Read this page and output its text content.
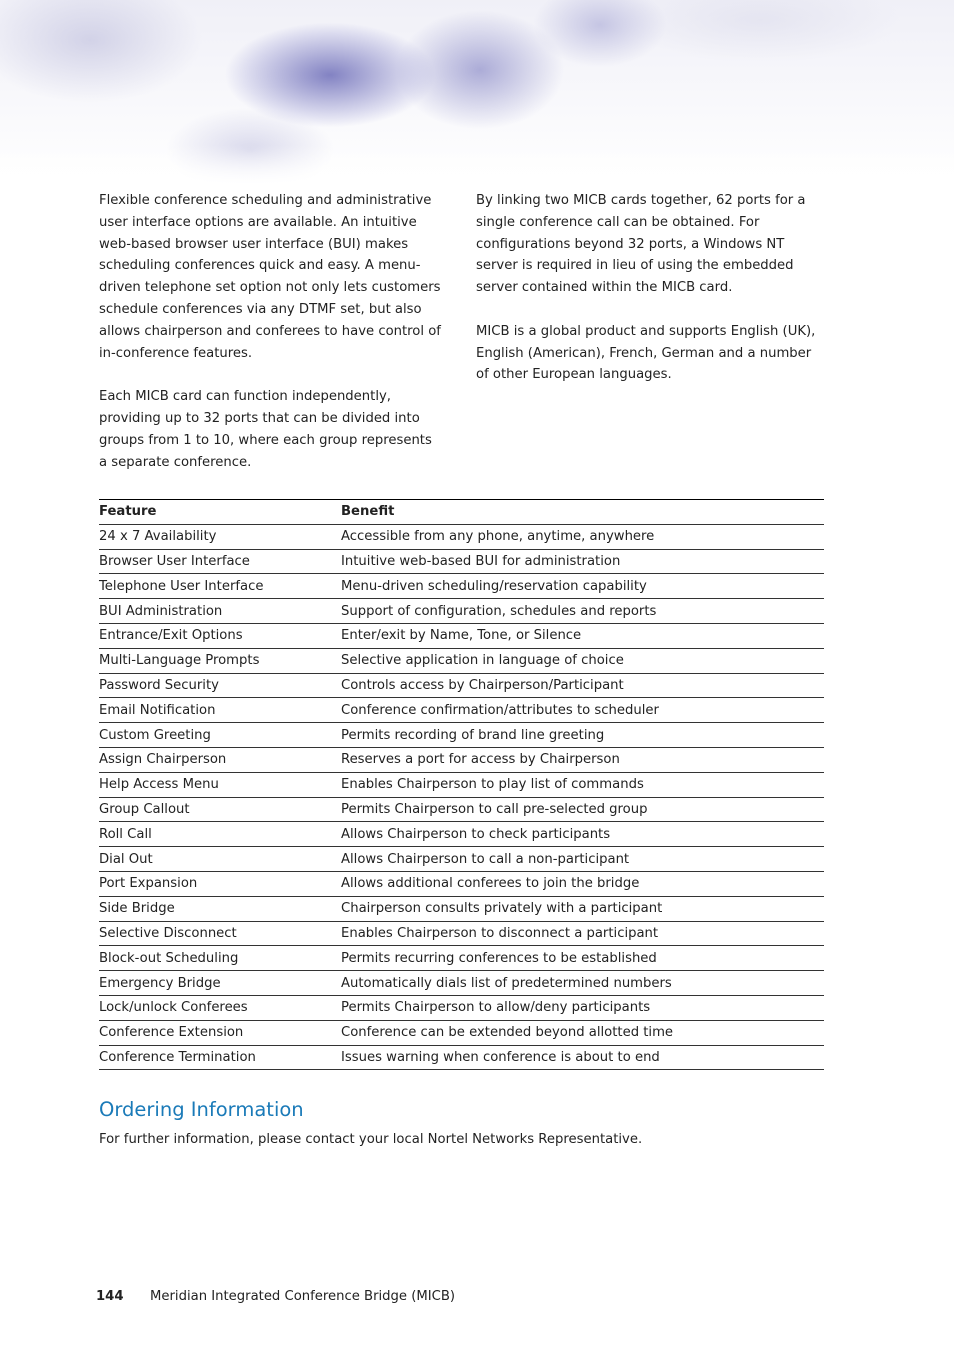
Flexible conference scheduling and administrative user interface options are available. An intuitive web-based browser user interface (BUI) makes scheduling conferences quick and easy. A menu-driven telephone set option not only lets customers schedule conferences via any DTMF set, but also allows chairperson and conferees to have control of in-conference features.

Each MICB card can function independently, providing up to 32 ports that can be divided into groups from 1 to 10, where each group represents a separate conference.

By linking two MICB cards together, 62 ports for a single conference call can be obtained. For configurations beyond 32 ports, a Windows NT server is required in lieu of using the embedded server contained within the MICB card.

MICB is a global product and supports English (UK), English (American), French, German and a number of other European languages.

Feature	Benefit
24 x 7 Availability	Accessible from any phone, anytime, anywhere
Browser User Interface	Intuitive web-based BUI for administration
Telephone User Interface	Menu-driven scheduling/reservation capability
BUI Administration	Support of configuration, schedules and reports
Entrance/Exit Options	Enter/exit by Name, Tone, or Silence
Multi-Language Prompts	Selective application in language of choice
Password Security	Controls access by Chairperson/Participant
Email Notification	Conference confirmation/attributes to scheduler
Custom Greeting	Permits recording of brand line greeting
Assign Chairperson	Reserves a port for access by Chairperson
Help Access Menu	Enables Chairperson to play list of commands
Group Callout	Permits Chairperson to call pre-selected group
Roll Call	Allows Chairperson to check participants
Dial Out	Allows Chairperson to call a non-participant
Port Expansion	Allows additional conferees to join the bridge
Side Bridge	Chairperson consults privately with a participant
Selective Disconnect	Enables Chairperson to disconnect a participant
Block-out Scheduling	Permits recurring conferences to be established
Emergency Bridge	Automatically dials list of predetermined numbers
Lock/unlock Conferees	Permits Chairperson to allow/deny participants
Conference Extension	Conference can be extended beyond allotted time
Conference Termination	Issues warning when conference is about to end
Ordering Information

For further information, please contact your local Nortel Networks Representative.

144 Meridian Integrated Conference Bridge (MICB)
